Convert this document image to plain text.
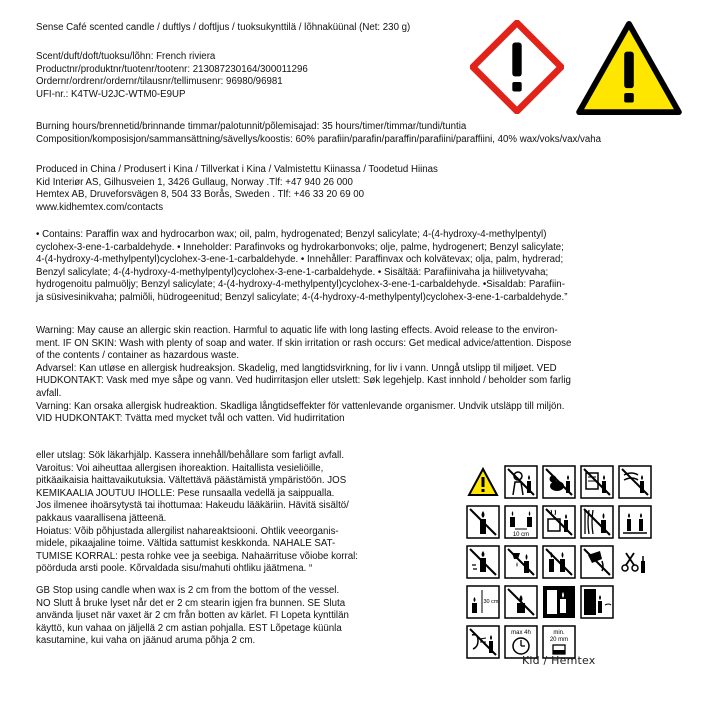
Sense Café scented candle / duftlys / doftljus / tuoksukynttilä / lõhnaküünal (Net: 230 g)

Scent/duft/doft/tuoksu/lõhn: French riviera

Productnr/produktnr/tuotenr/tootenr: 213087230164/300011296

Ordernr/ordrenr/ordernr/tilausnr/tellimusenr: 96980/96981

UFI-nr.: K4TW-U2JC-WTM0-E9UP

Burning hours/brennetid/brinnande timmar/palotunnit/põlemisajad: 35 hours/timer/timmar/tundi/tuntia

Composition/komposisjon/sammansättning/sävellys/koostis: 60% parafiin/parafin/paraffin/parafiini/paraffiini, 40% wax/voks/vax/vaha

Produced in China / Produsert i Kina / Tillverkat i Kina / Valmistettu Kiinassa / Toodetud Hiinas

Kid Interiør AS, Gilhusveien 1, 3426 Gullaug, Norway .Tlf: +47 940 26 000

Hemtex AB, Druveforsvägen 8, 504 33 Borås, Sweden . Tlf: +46 33 20 69 00

www.kidhemtex.com/contacts

• Contains: Paraffin wax and hydrocarbon wax; oil, palm, hydrogenated; Benzyl salicylate; 4-(4-hydroxy-4-methylpentyl)

cyclohex-3-ene-1-carbaldehyde. • Inneholder: Parafinvoks og hydrokarbonvoks; olje, palme, hydrogenert; Benzyl salicylate;

4-(4-hydroxy-4-methylpentyl)cyclohex-3-ene-1-carbaldehyde. • Innehåller: Paraffinvax och kolvätevax; olja, palm, hydrerad;

Benzyl salicylate; 4-(4-hydroxy-4-methylpentyl)cyclohex-3-ene-1-carbaldehyde. • Sisältää: Parafiinivaha ja hiilivetyvaha;

hydrogenoitu palmuöljy; Benzyl salicylate; 4-(4-hydroxy-4-methylpentyl)cyclohex-3-ene-1-carbaldehyde. •Sisaldab: Parafiin-

ja süsivesinikvaha; palmiõli, hüdrogeenitud; Benzyl salicylate; 4-(4-hydroxy-4-methylpentyl)cyclohex-3-ene-1-carbaldehyde.”

Warning: May cause an allergic skin reaction. Harmful to aquatic life with long lasting effects. Avoid release to the environ-

ment. IF ON SKIN: Wash with plenty of soap and water. If skin irritation or rash occurs: Get medical advice/attention. Dispose

of the contents / container as hazardous waste.

Advarsel: Kan utløse en allergisk hudreaksjon. Skadelig, med langtidsvirkning, for liv i vann. Unngå utslipp til miljøet. VED

HUDKONTAKT: Vask med mye såpe og vann. Ved hudirritasjon eller utslett: Søk legehjelp. Kast innhold / beholder som farlig

avfall.

Varning: Kan orsaka allergisk hudreaktion. Skadliga långtidseffekter för vattenlevande organismer. Undvik utsläpp till miljön.

VID HUDKONTAKT: Tvätta med mycket tvål och vatten. Vid hudirritation

eller utslag: Sök läkarhjälp. Kassera innehåll/behållare som farligt avfall.

Varoitus: Voi aiheuttaa allergisen ihoreaktion. Haitallista vesieliöille,

pitkäaikaisia haittavaikutuksia. Vältettävä päästämistä ympäristöön. JOS

KEMIKAALIA JOUTUU IHOLLE: Pese runsaalla vedellä ja saippualla.

Jos ilmenee ihoärsytystä tai ihottumaa: Hakeudu lääkäriin. Hävitä sisältö/

pakkaus vaarallisena jätteenä.

Hoiatus: Võib põhjustada allergilist nahareaktsiooni. Ohtlik veeorganis-

midele, pikaajaline toime. Vältida sattumist keskkonda. NAHALE SAT-

TUMISE KORRAL: pesta rohke vee ja seebiga. Nahaärrituse võiobe korral:

pöörduda arsti poole. Kõrvaldada sisu/mahuti ohtliku jäätmena. “

GB Stop using candle when wax is 2 cm from the bottom of the vessel.

NO Slutt å bruke lyset når det er 2 cm stearin igjen fra bunnen. SE Sluta

använda ljuset när vaxet är 2 cm från botten av kärlet. FI Lopeta kynttilän

käyttö, kun vahaa on jäljellä 2 cm astian pohjalla. EST Lõpetage küünla

kasutamine, kui vaha on jäänud aruma põhja 2 cm.

10 cm
30 cm
max 4h	min.
20 mm
Kid / Hemtex
